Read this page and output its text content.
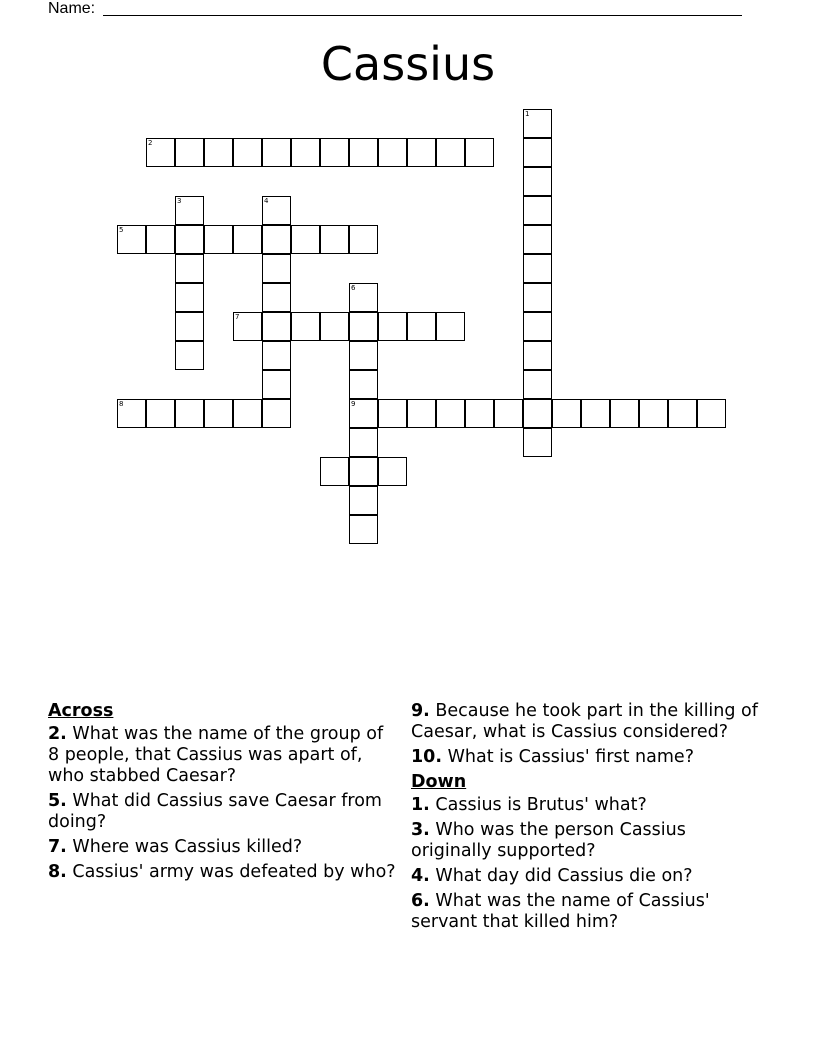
Name:
Cassius
1
2
3	4
5
6
9
7
8
Across
2. What was the name of the group of 8 people, that Cassius was apart of, who stabbed Caesar?
5. What did Cassius save Caesar from doing?
7. Where was Cassius killed?
8. Cassius' army was defeated by who?
9. Because he took part in the killing of Caesar, what is Cassius considered?
10. What is Cassius' first name?
Down
1. Cassius is Brutus' what?
3. Who was the person Cassius originally supported?
4. What day did Cassius die on?
6. What was the name of Cassius' servant that killed him?
